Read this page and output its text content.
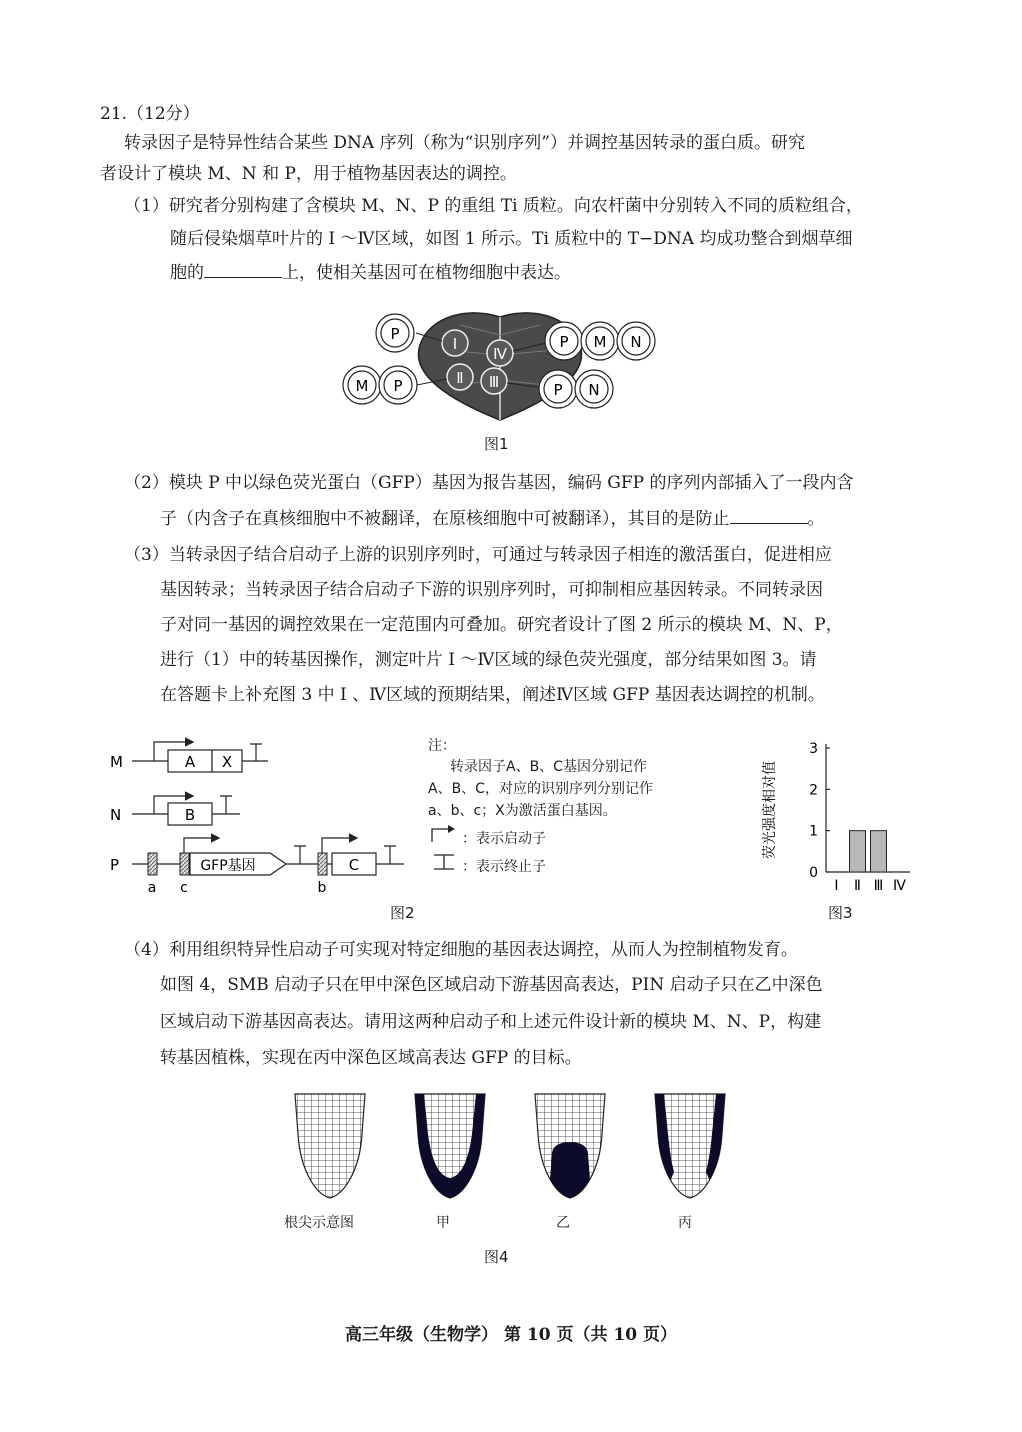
21.（12分）
转录因子是特异性结合某些 DNA 序列（称为“识别序列”）并调控基因转录的蛋白质。研究
者设计了模块 M、N 和 P，用于植物基因表达的调控。
（1）研究者分别构建了含模块 M、N、P 的重组 Ti 质粒。向农杆菌中分别转入不同的质粒组合，
随后侵染烟草叶片的 Ⅰ ～Ⅳ区域，如图 1 所示。Ti 质粒中的 T−DNA 均成功整合到烟草细
胞的	上，使相关基因可在植物细胞中表达。
Ⅰ
Ⅱ Ⅲ
Ⅳ
P
M P	P N
P M N
图1
（2）模块 P 中以绿色荧光蛋白（GFP）基因为报告基因，编码 GFP 的序列内部插入了一段内含
子（内含子在真核细胞中不被翻译，在原核细胞中可被翻译），其目的是防止	。
（3）当转录因子结合启动子上游的识别序列时，可通过与转录因子相连的激活蛋白，促进相应
基因转录；当转录因子结合启动子下游的识别序列时，可抑制相应基因转录。不同转录因
子对同一基因的调控效果在一定范围内可叠加。研究者设计了图 2 所示的模块 M、N、P，
进行（1）中的转基因操作，测定叶片 Ⅰ ～Ⅳ区域的绿色荧光强度，部分结果如图 3。请
在答题卡上补充图 3 中 Ⅰ 、Ⅳ区域的预期结果，阐述Ⅳ区域 GFP 基因表达调控的机制。
M	A X
N	B
P	GFP基因	C
a c	b
图2
注：
转录因子A、B、C基因分别记作
A、B、C，对应的识别序列分别记作
a、b、c；X为激活蛋白基因。
：表示启动子
：表示终止子
荧光强度相对值
0
1
2
3
Ⅰ Ⅱ Ⅲ Ⅳ
图3
（4）利用组织特异性启动子可实现对特定细胞的基因表达调控，从而人为控制植物发育。
如图 4，SMB 启动子只在甲中深色区域启动下游基因高表达，PIN 启动子只在乙中深色
区域启动下游基因高表达。请用这两种启动子和上述元件设计新的模块 M、N、P，构建
转基因植株，实现在丙中深色区域高表达 GFP 的目标。
根尖示意图	甲	乙	丙
图4
高三年级（生物学） 第 10 页（共 10 页）
